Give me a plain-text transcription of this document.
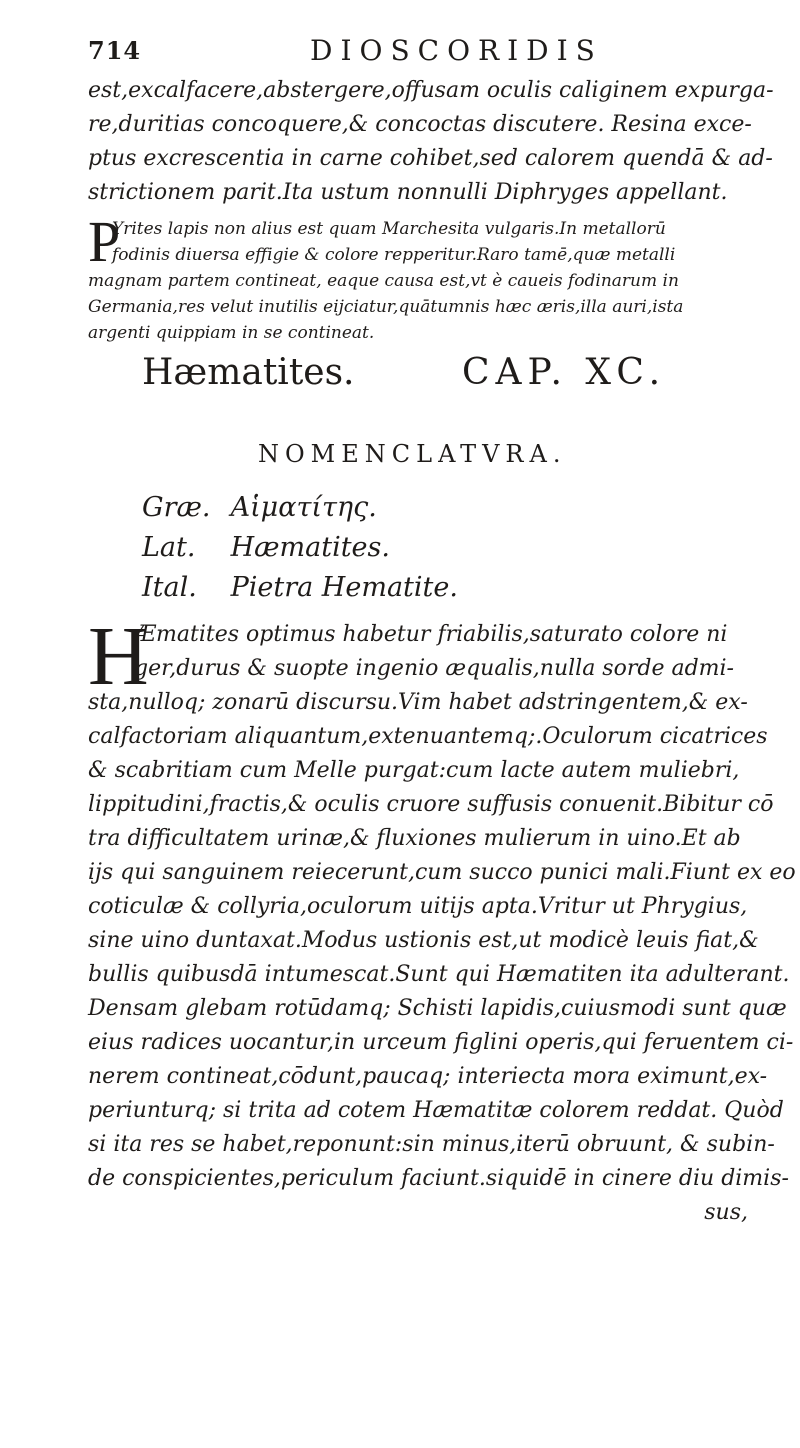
714	DIOSCORIDIS
est,excalfacere,abstergere,offusam oculis caliginem expurga-
re,duritias concoquere,& concoctas discutere. Resina exce-
ptus excrescentia in carne cohibet,sed calorem quendā & ad-
strictionem parit.Ita ustum nonnulli Diphryges appellant.
P
Yrites lapis non alius est quam Marchesita vulgaris.In metallorū
fodinis diuersa effigie & colore repperitur.Raro tamē,quæ metalli
magnam partem contineat, eaque causa est,vt è caueis fodinarum in
Germania,res velut inutilis eijciatur,quātumnis hæc æris,illa auri,ista
argenti quippiam in se contineat.
Hæmatites.	CAP. XC.
NOMENCLATVRA.
Græ. Αἱματίτης.
Lat. Hæmatites.
Ital. Pietra Hematite.
H
Æmatites optimus habetur friabilis,saturato colore ni
ger,durus & suopte ingenio æqualis,nulla sorde admi-
sta,nulloq; zonarū discursu.Vim habet adstringentem,& ex-
calfactoriam aliquantum,extenuantemq;.Oculorum cicatrices
& scabritiam cum Melle purgat:cum lacte autem muliebri,
lippitudini,fractis,& oculis cruore suffusis conuenit.Bibitur cō
tra difficultatem urinæ,& fluxiones mulierum in uino.Et ab
ijs qui sanguinem reiecerunt,cum succo punici mali.Fiunt ex eo
coticulæ & collyria,oculorum uitijs apta.Vritur ut Phrygius,
sine uino duntaxat.Modus ustionis est,ut modicè leuis fiat,&
bullis quibusdā intumescat.Sunt qui Hæmatiten ita adulterant.
Densam glebam rotūdamq; Schisti lapidis,cuiusmodi sunt quæ
eius radices uocantur,in urceum figlini operis,qui feruentem ci-
nerem contineat,cōdunt,paucaq; interiecta mora eximunt,ex-
periunturq; si trita ad cotem Hæmatitæ colorem reddat. Quòd
si ita res se habet,reponunt:sin minus,iterū obruunt, & subin-
de conspicientes,periculum faciunt.siquidē in cinere diu dimis-
sus,
